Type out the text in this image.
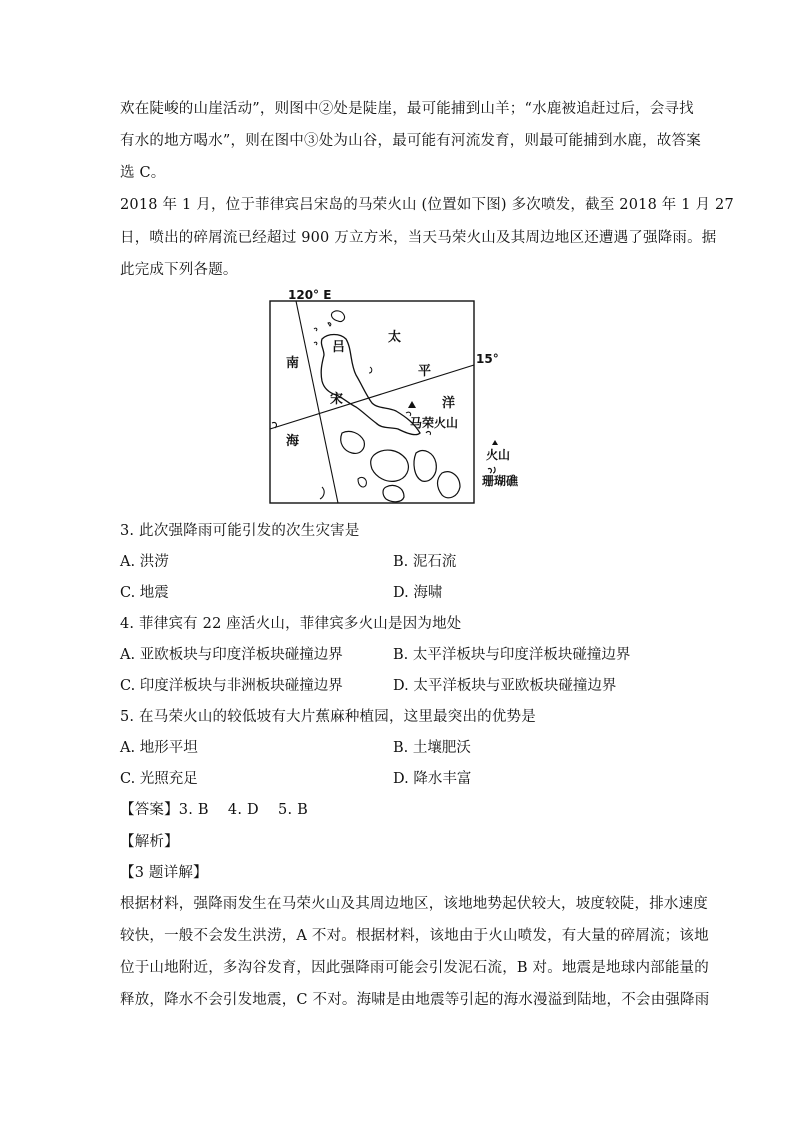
欢在陡峻的山崖活动”，则图中②处是陡崖，最可能捕到山羊；“水鹿被追赶过后，会寻找
有水的地方喝水”，则在图中③处为山谷，最可能有河流发育，则最可能捕到水鹿，故答案
选 C。
2018 年 1 月，位于菲律宾吕宋岛的马荣火山 (位置如下图) 多次喷发，截至 2018 年 1 月 27
日，喷出的碎屑流已经超过 900 万立方米，当天马荣火山及其周边地区还遭遇了强降雨。据
此完成下列各题。
120° E
15°
南
海
吕
宋
太
平
洋
马荣火山
火山
珊瑚礁
3. 此次强降雨可能引发的次生灾害是
A. 洪涝	B. 泥石流
C. 地震	D. 海啸
4. 菲律宾有 22 座活火山，菲律宾多火山是因为地处
A. 亚欧板块与印度洋板块碰撞边界	B. 太平洋板块与印度洋板块碰撞边界
C. 印度洋板块与非洲板块碰撞边界	D. 太平洋板块与亚欧板块碰撞边界
5. 在马荣火山的较低坡有大片蕉麻种植园，这里最突出的优势是
A. 地形平坦	B. 土壤肥沃
C. 光照充足	D. 降水丰富
【答案】3. B    4. D    5. B
【解析】
【3 题详解】
根据材料，强降雨发生在马荣火山及其周边地区，该地地势起伏较大，坡度较陡，排水速度
较快，一般不会发生洪涝，A 不对。根据材料，该地由于火山喷发，有大量的碎屑流；该地
位于山地附近，多沟谷发育，因此强降雨可能会引发泥石流，B 对。地震是地球内部能量的
释放，降水不会引发地震，C 不对。海啸是由地震等引起的海水漫溢到陆地，不会由强降雨
